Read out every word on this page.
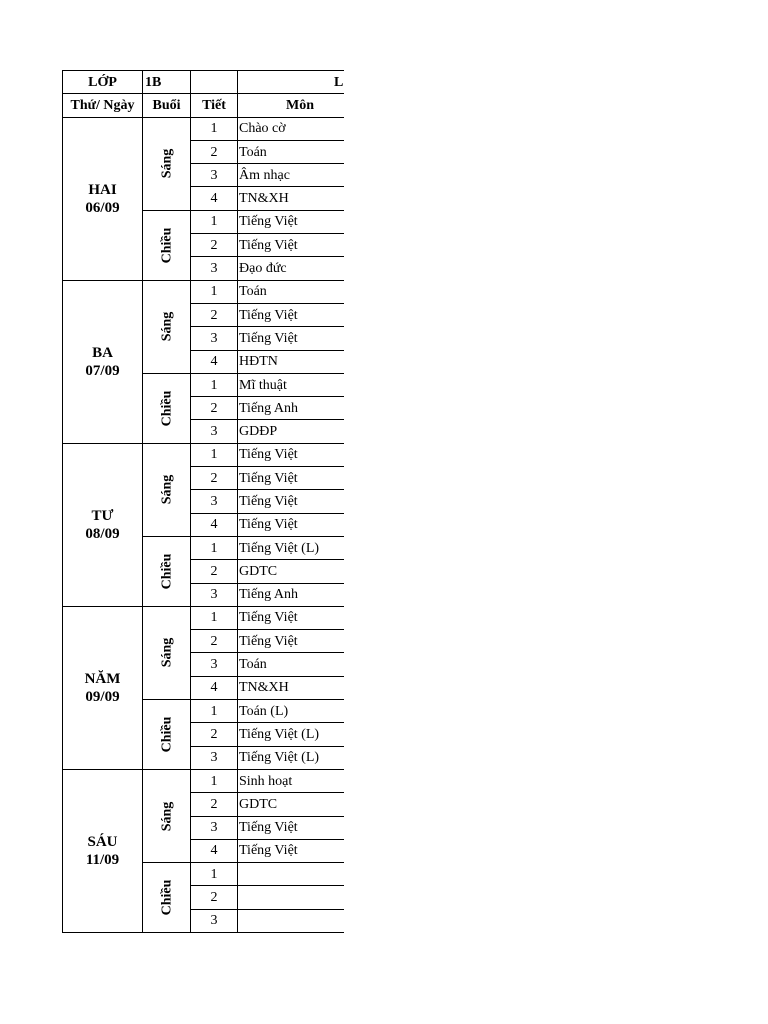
LỚP	1B		L
Thứ/ Ngày	Buổi	Tiết	Môn

HAI
06/09	Sáng	1	Chào cờ
		2	Toán
		3	Âm nhạc
		4	TN&XH
	Chiều	1	Tiếng Việt
		2	Tiếng Việt
		3	Đạo đức

BA
07/09	Sáng	1	Toán
		2	Tiếng Việt
		3	Tiếng Việt
		4	HĐTN
	Chiều	1	Mĩ thuật
		2	Tiếng Anh
		3	GDĐP

TƯ
08/09	Sáng	1	Tiếng Việt
		2	Tiếng Việt
		3	Tiếng Việt
		4	Tiếng Việt
	Chiều	1	Tiếng Việt (L)
		2	GDTC
		3	Tiếng Anh

NĂM
09/09	Sáng	1	Tiếng Việt
		2	Tiếng Việt
		3	Toán
		4	TN&XH
	Chiều	1	Toán (L)
		2	Tiếng Việt (L)
		3	Tiếng Việt (L)

SÁU
11/09	Sáng	1	Sinh hoạt
		2	GDTC
		3	Tiếng Việt
		4	Tiếng Việt
	Chiều	1	
		2	
		3	
